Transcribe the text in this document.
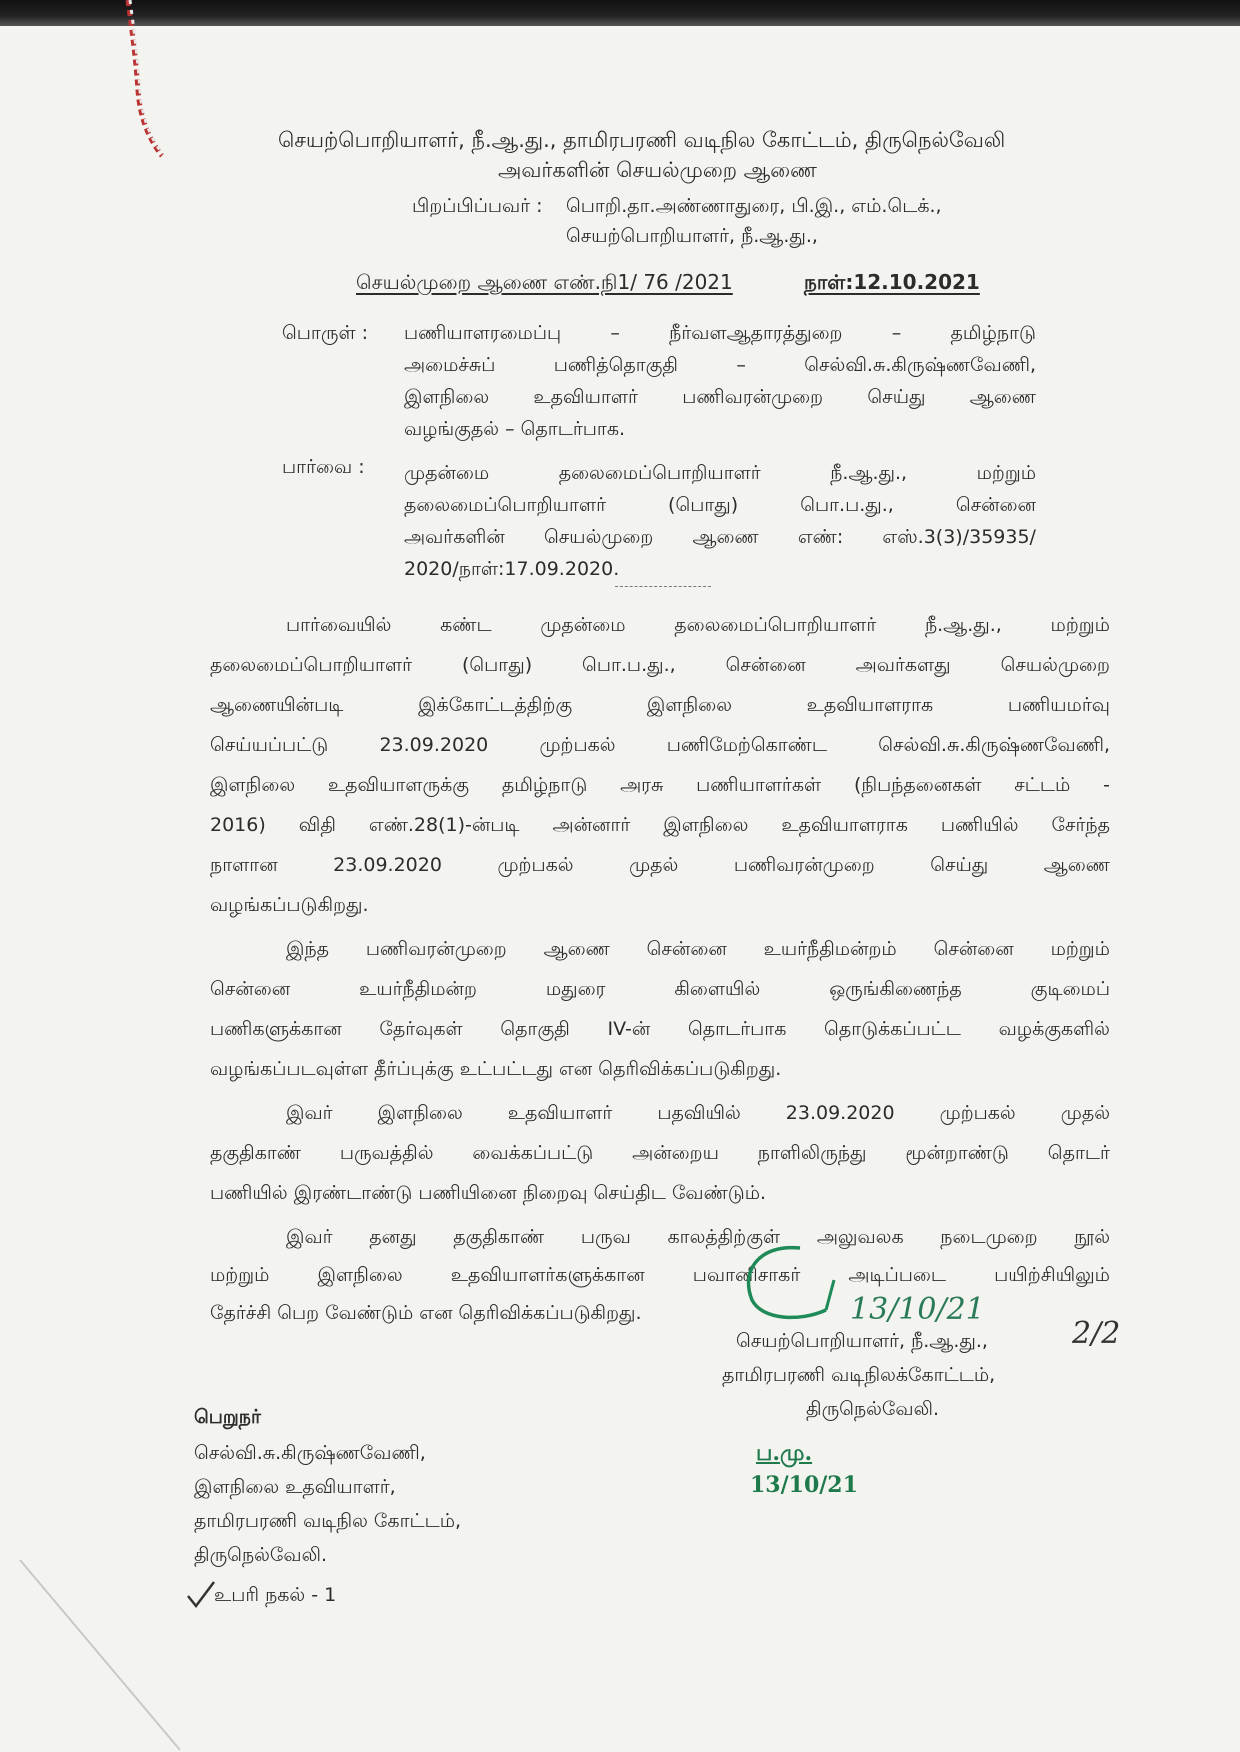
செயற்பொறியாளர், நீ.ஆ.து., தாமிரபரணி வடிநில கோட்டம், திருநெல்வேலி
அவர்களின் செயல்முறை ஆணை
பிறப்பிப்பவர் : பொறி.தா.அண்ணாதுரை, பி.இ., எம்.டெக்.,
செயற்பொறியாளர், நீ.ஆ.து.,
செயல்முறை ஆணை எண்.நி1/ 76 /2021	நாள்:12.10.2021
பொருள் : பணியாளரமைப்பு	–	நீர்வளஆதாரத்துறை	–	தமிழ்நாடு
அமைச்சுப்	பணித்தொகுதி	–	செல்வி.சு.கிருஷ்ணவேணி,
இளநிலை உதவியாளர் பணிவரன்முறை செய்து ஆணை
வழங்குதல் – தொடர்பாக.
பார்வை : முதன்மை	தலைமைப்பொறியாளர்	நீ.ஆ.து.,	மற்றும்
தலைமைப்பொறியாளர்	(பொது)	பொ.ப.து.,	சென்னை
அவர்களின் செயல்முறை ஆணை எண்: எஸ்.3(3)/35935/
2020/நாள்:17.09.2020.
பார்வையில்	கண்ட	முதன்மை	தலைமைப்பொறியாளர்	நீ.ஆ.து.,	மற்றும்
தலைமைப்பொறியாளர்	(பொது)	பொ.ப.து.,	சென்னை	அவர்களது	செயல்முறை
ஆணையின்படி	இக்கோட்டத்திற்கு	இளநிலை	உதவியாளராக	பணியமர்வு
செய்யப்பட்டு	23.09.2020	முற்பகல்	பணிமேற்கொண்ட	செல்வி.சு.கிருஷ்ணவேணி,
இளநிலை உதவியாளருக்கு தமிழ்நாடு அரசு பணியாளர்கள் (நிபந்தனைகள் சட்டம் -
2016) விதி எண்.28(1)-ன்படி அன்னார் இளநிலை உதவியாளராக பணியில் சேர்ந்த
நாளான	23.09.2020	முற்பகல்	முதல்	பணிவரன்முறை	செய்து	ஆணை
வழங்கப்படுகிறது.
இந்த பணிவரன்முறை ஆணை சென்னை உயர்நீதிமன்றம் சென்னை மற்றும்
சென்னை	உயர்நீதிமன்ற	மதுரை	கிளையில்	ஒருங்கிணைந்த	குடிமைப்
பணிகளுக்கான தேர்வுகள் தொகுதி IV-ன் தொடர்பாக தொடுக்கப்பட்ட வழக்குகளில்
வழங்கப்படவுள்ள தீர்ப்புக்கு உட்பட்டது என தெரிவிக்கப்படுகிறது.
இவர் இளநிலை உதவியாளர் பதவியில் 23.09.2020 முற்பகல் முதல்
தகுதிகாண் பருவத்தில் வைக்கப்பட்டு அன்றைய நாளிலிருந்து மூன்றாண்டு தொடர்
பணியில் இரண்டாண்டு பணியினை நிறைவு செய்திட வேண்டும்.
இவர் தனது தகுதிகாண் பருவ காலத்திற்குள் அலுவலக நடைமுறை நூல்
மற்றும்	இளநிலை	உதவியாளர்களுக்கான	பவானிசாகர்	அடிப்படை	பயிற்சியிலும்
தேர்ச்சி பெற வேண்டும் என தெரிவிக்கப்படுகிறது.	13/10/21
2/2
செயற்பொறியாளர், நீ.ஆ.து.,
தாமிரபரணி வடிநிலக்கோட்டம்,
திருநெல்வேலி.
பெறுநர்
செல்வி.சு.கிருஷ்ணவேணி,
இளநிலை உதவியாளர்,
தாமிரபரணி வடிநில கோட்டம்,
திருநெல்வேலி.
உபரி நகல் - 1
ப.மு.
13/10/21
